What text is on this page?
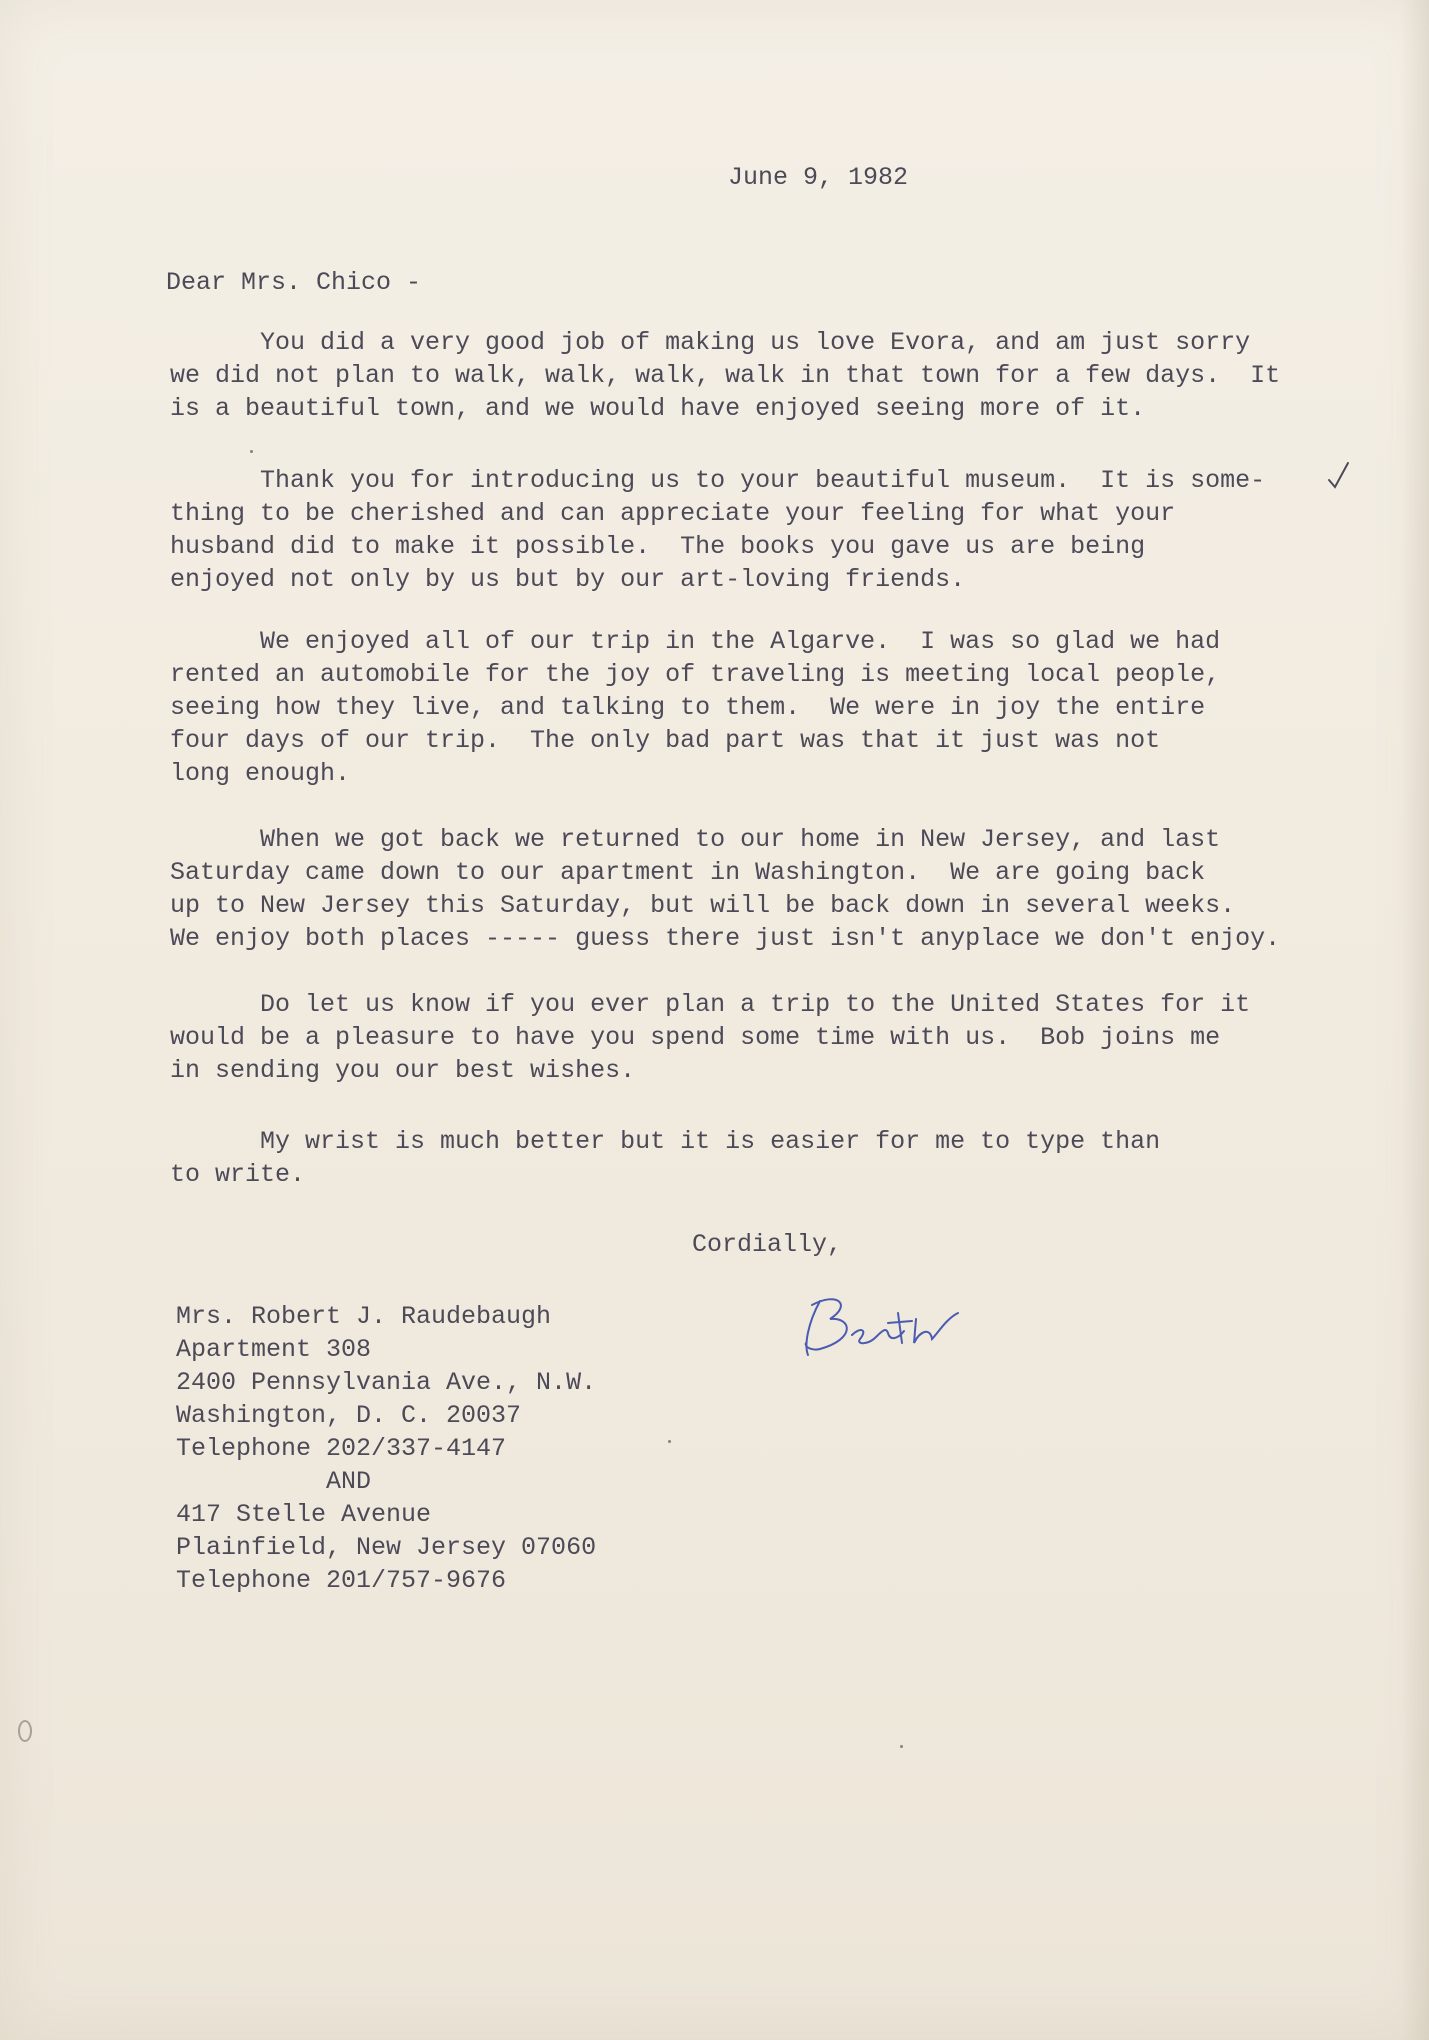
June 9, 1982
Dear Mrs. Chico -
You did a very good job of making us love Evora, and am just sorry
we did not plan to walk, walk, walk, walk in that town for a few days.  It
is a beautiful town, and we would have enjoyed seeing more of it.
Thank you for introducing us to your beautiful museum.  It is some-
thing to be cherished and can appreciate your feeling for what your
husband did to make it possible.  The books you gave us are being
enjoyed not only by us but by our art-loving friends.
We enjoyed all of our trip in the Algarve.  I was so glad we had
rented an automobile for the joy of traveling is meeting local people,
seeing how they live, and talking to them.  We were in joy the entire
four days of our trip.  The only bad part was that it just was not
long enough.
When we got back we returned to our home in New Jersey, and last
Saturday came down to our apartment in Washington.  We are going back
up to New Jersey this Saturday, but will be back down in several weeks.
We enjoy both places ----- guess there just isn't anyplace we don't enjoy.
Do let us know if you ever plan a trip to the United States for it
would be a pleasure to have you spend some time with us.  Bob joins me
in sending you our best wishes.
My wrist is much better but it is easier for me to type than
to write.
Cordially,
Mrs. Robert J. Raudebaugh
Apartment 308
2400 Pennsylvania Ave., N.W.
Washington, D. C. 20037
Telephone 202/337-4147
AND
417 Stelle Avenue
Plainfield, New Jersey 07060
Telephone 201/757-9676
